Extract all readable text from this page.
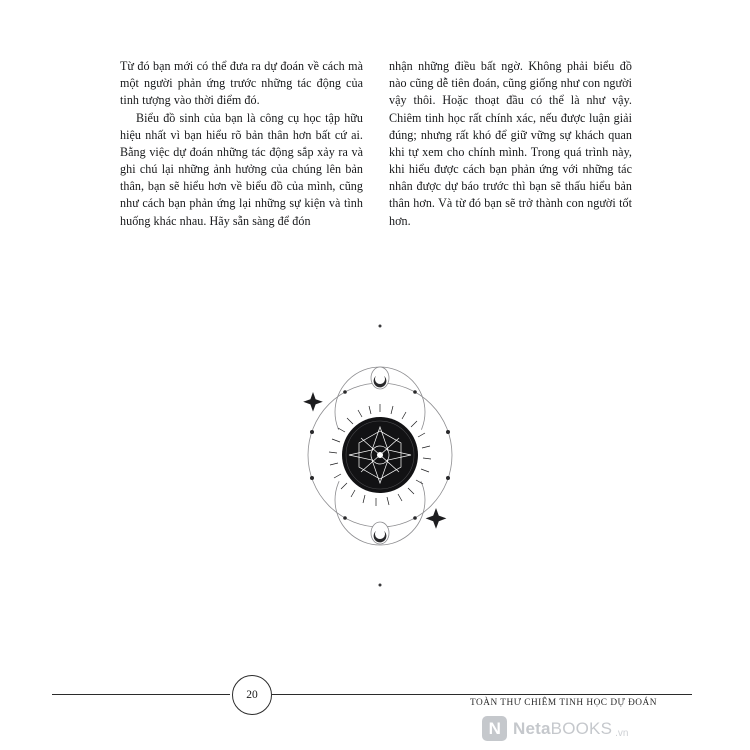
Từ đó bạn mới có thể đưa ra dự đoán về cách mà một người phản ứng trước những tác động của tinh tượng vào thời điểm đó.

Biểu đồ sinh của bạn là công cụ học tập hữu hiệu nhất vì bạn hiểu rõ bản thân hơn bất cứ ai. Bằng việc dự đoán những tác động sắp xảy ra và ghi chú lại những ảnh hưởng của chúng lên bản thân, bạn sẽ hiểu hơn về biểu đồ của mình, cũng như cách bạn phản ứng lại những sự kiện và tình huống khác nhau. Hãy sẵn sàng để đón

nhận những điều bất ngờ. Không phải biểu đồ nào cũng dễ tiên đoán, cũng giống như con người vậy thôi. Hoặc thoạt đầu có thể là như vậy. Chiêm tinh học rất chính xác, nếu được luận giải đúng; nhưng rất khó để giữ vững sự khách quan khi tự xem cho chính mình. Trong quá trình này, khi hiểu được cách bạn phản ứng với những tác nhân được dự báo trước thì bạn sẽ thấu hiểu bản thân hơn. Và từ đó bạn sẽ trở thành con người tốt hơn.

20
TOÀN THƯ CHIÊM TINH HỌC DỰ ĐOÁN
N NetaBOOKS .vn
